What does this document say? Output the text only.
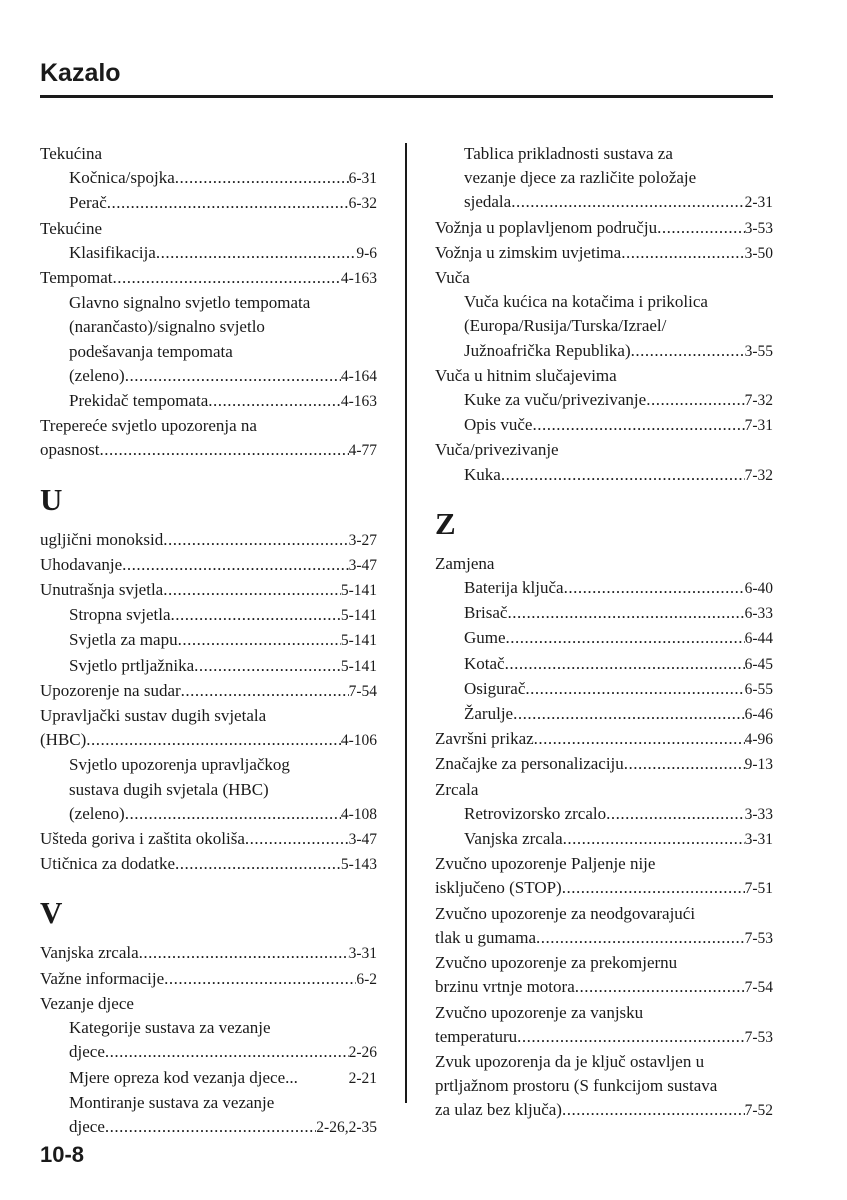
Kazalo
Tekućina
Kočnica/spojka .....	6-31
Perač .....	6-32
Tekućine
Klasifikacija .....	9-6
Tempomat .....	4-163
Glavno signalno svjetlo tempomata
(narančasto)/signalno svjetlo
podešavanja tempomata
(zeleno) .....	4-164
Prekidač tempomata .....	4-163
Trepereće svjetlo upozorenja na
opasnost .....	4-77
U
ugljični monoksid .....	3-27
Uhodavanje .....	3-47
Unutrašnja svjetla .....	5-141
Stropna svjetla .....	5-141
Svjetla za mapu .....	5-141
Svjetlo prtljažnika .....	5-141
Upozorenje na sudar .....	7-54
Upravljački sustav dugih svjetala
(HBC) .....	4-106
Svjetlo upozorenja upravljačkog
sustava dugih svjetala (HBC)
(zeleno) .....	4-108
Ušteda goriva i zaštita okoliša .....	3-47
Utičnica za dodatke .....	5-143
V
Vanjska zrcala .....	3-31
Važne informacije .....	6-2
Vezanje djece
Kategorije sustava za vezanje
djece .....	2-26
Mjere opreza kod vezanja djece...	2-21
Montiranje sustava za vezanje
djece .....	2-26,2-35
Tablica prikladnosti sustava za
vezanje djece za različite položaje
sjedala .....	2-31
Vožnja u poplavljenom području .....	3-53
Vožnja u zimskim uvjetima .....	3-50
Vuča
Vuča kućica na kotačima i prikolica
(Europa/Rusija/Turska/Izrael/
Južnoafrička Republika) .....	3-55
Vuča u hitnim slučajevima
Kuke za vuču/privezivanje .....	7-32
Opis vuče .....	7-31
Vuča/privezivanje
Kuka .....	7-32
Z
Zamjena
Baterija ključa .....	6-40
Brisač .....	6-33
Gume .....	6-44
Kotač .....	6-45
Osigurač .....	6-55
Žarulje .....	6-46
Završni prikaz .....	4-96
Značajke za personalizaciju .....	9-13
Zrcala
Retrovizorsko zrcalo .....	3-33
Vanjska zrcala .....	3-31
Zvučno upozorenje Paljenje nije
isključeno (STOP) .....	7-51
Zvučno upozorenje za neodgovarajući
tlak u gumama .....	7-53
Zvučno upozorenje za prekomjernu
brzinu vrtnje motora .....	7-54
Zvučno upozorenje za vanjsku
temperaturu .....	7-53
Zvuk upozorenja da je ključ ostavljen u
prtljažnom prostoru (S funkcijom sustava
za ulaz bez ključa) .....	7-52
10-8
